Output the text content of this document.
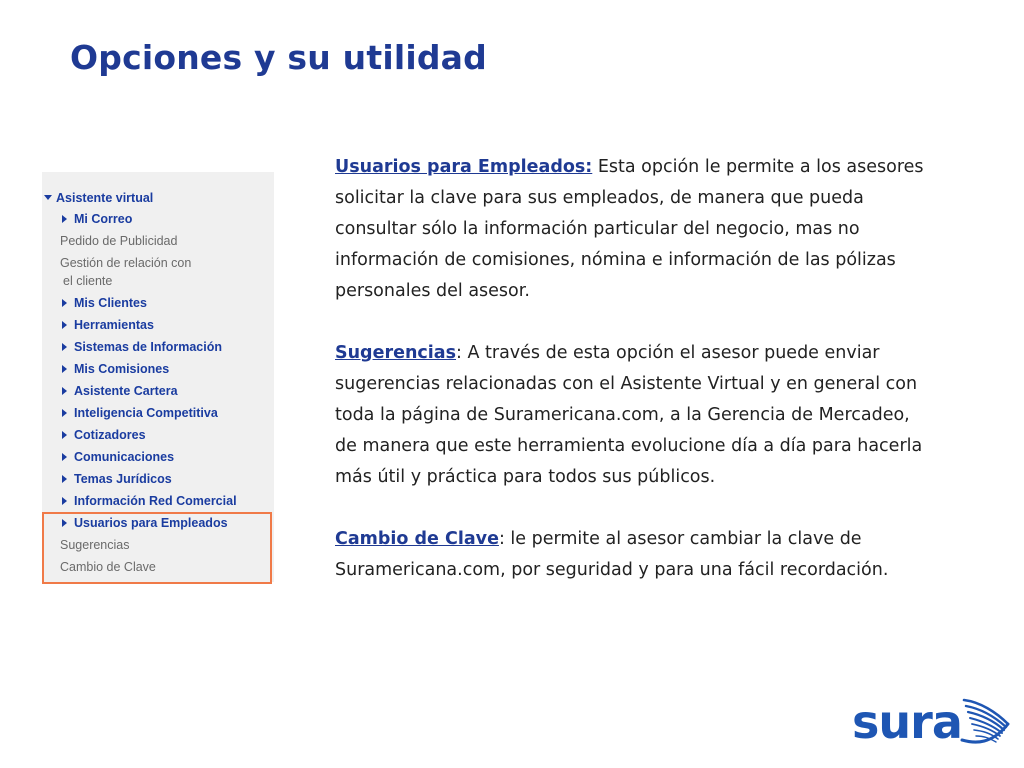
Opciones y su utilidad
Asistente virtual
Mi Correo
Pedido de Publicidad
Gestión de relación con
el cliente
Mis Clientes
Herramientas
Sistemas de Información
Mis Comisiones
Asistente Cartera
Inteligencia Competitiva
Cotizadores
Comunicaciones
Temas Jurídicos
Información Red Comercial
Usuarios para Empleados
Sugerencias
Cambio de Clave

Usuarios para Empleados: Esta opción le permite a los asesores solicitar la clave para sus empleados, de manera que pueda consultar sólo la información particular del negocio, mas no información de comisiones, nómina e información de las pólizas personales del asesor.

Sugerencias: A través de esta opción el asesor puede enviar sugerencias relacionadas con el Asistente Virtual y en general con toda la página de Suramericana.com, a la Gerencia de Mercadeo, de manera que este herramienta evolucione día a día para hacerla más útil y práctica para todos sus públicos.

Cambio de Clave: le permite al asesor cambiar la clave de Suramericana.com, por seguridad y para una fácil recordación.

sura
